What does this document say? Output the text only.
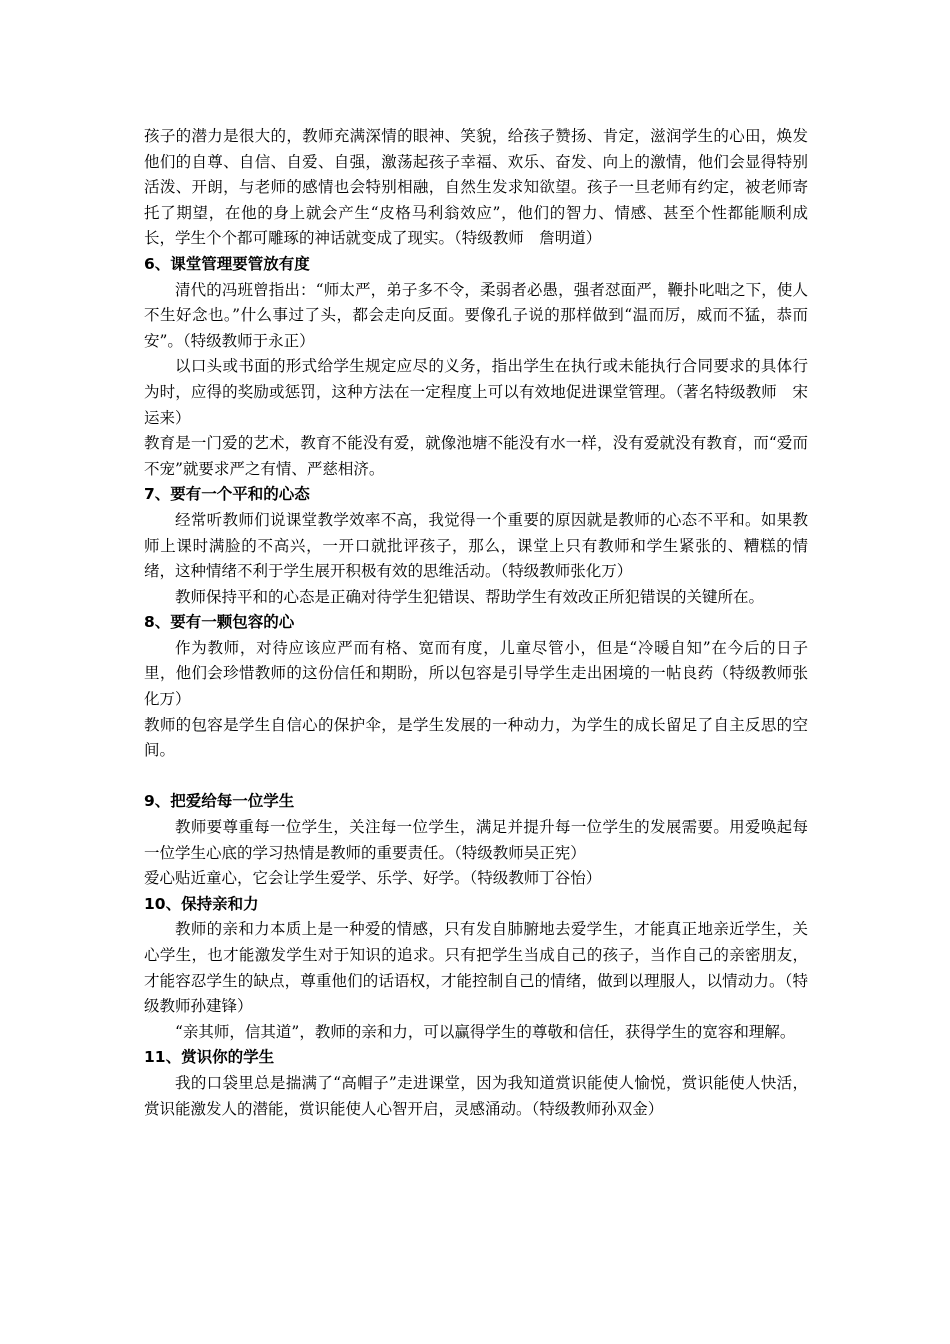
孩子的潜力是很大的，教师充满深情的眼神、笑貌，给孩子赞扬、肯定，滋润学生的心田，焕发他们的自尊、自信、自爱、自强，激荡起孩子幸福、欢乐、奋发、向上的激情，他们会显得特别活泼、开朗，与老师的感情也会特别相融，自然生发求知欲望。孩子一旦老师有约定，被老师寄托了期望，在他的身上就会产生“皮格马利翁效应”，他们的智力、情感、甚至个性都能顺利成长，学生个个都可雕琢的神话就变成了现实。（特级教师　詹明道）

6、课堂管理要管放有度

清代的冯班曾指出：“师太严，弟子多不令，柔弱者必愚，强者怼面严，鞭扑叱咄之下，使人不生好念也。”什么事过了头，都会走向反面。要像孔子说的那样做到“温而厉，威而不猛，恭而安”。（特级教师于永正）

以口头或书面的形式给学生规定应尽的义务，指出学生在执行或未能执行合同要求的具体行为时，应得的奖励或惩罚，这种方法在一定程度上可以有效地促进课堂管理。（著名特级教师　宋运来）

教育是一门爱的艺术，教育不能没有爱，就像池塘不能没有水一样，没有爱就没有教育，而“爱而不宠”就要求严之有情、严慈相济。

7、要有一个平和的心态

经常听教师们说课堂教学效率不高，我觉得一个重要的原因就是教师的心态不平和。如果教师上课时满脸的不高兴，一开口就批评孩子，那么，课堂上只有教师和学生紧张的、糟糕的情绪，这种情绪不利于学生展开积极有效的思维活动。（特级教师张化万）

教师保持平和的心态是正确对待学生犯错误、帮助学生有效改正所犯错误的关键所在。

8、要有一颗包容的心

作为教师，对待应该应严而有格、宽而有度，儿童尽管小，但是“冷暖自知”在今后的日子里，他们会珍惜教师的这份信任和期盼，所以包容是引导学生走出困境的一帖良药（特级教师张化万）

教师的包容是学生自信心的保护伞，是学生发展的一种动力，为学生的成长留足了自主反思的空间。

9、把爱给每一位学生

教师要尊重每一位学生，关注每一位学生，满足并提升每一位学生的发展需要。用爱唤起每一位学生心底的学习热情是教师的重要责任。（特级教师吴正宪）

爱心贴近童心，它会让学生爱学、乐学、好学。（特级教师丁谷怡）

10、保持亲和力

教师的亲和力本质上是一种爱的情感，只有发自肺腑地去爱学生，才能真正地亲近学生，关心学生，也才能激发学生对于知识的追求。只有把学生当成自己的孩子，当作自己的亲密朋友，才能容忍学生的缺点，尊重他们的话语权，才能控制自己的情绪，做到以理服人，以情动力。（特级教师孙建锋）

“亲其师，信其道”，教师的亲和力，可以赢得学生的尊敬和信任，获得学生的宽容和理解。

11、赏识你的学生

我的口袋里总是揣满了“高帽子”走进课堂，因为我知道赏识能使人愉悦，赏识能使人快活，赏识能激发人的潜能，赏识能使人心智开启，灵感涌动。（特级教师孙双金）
